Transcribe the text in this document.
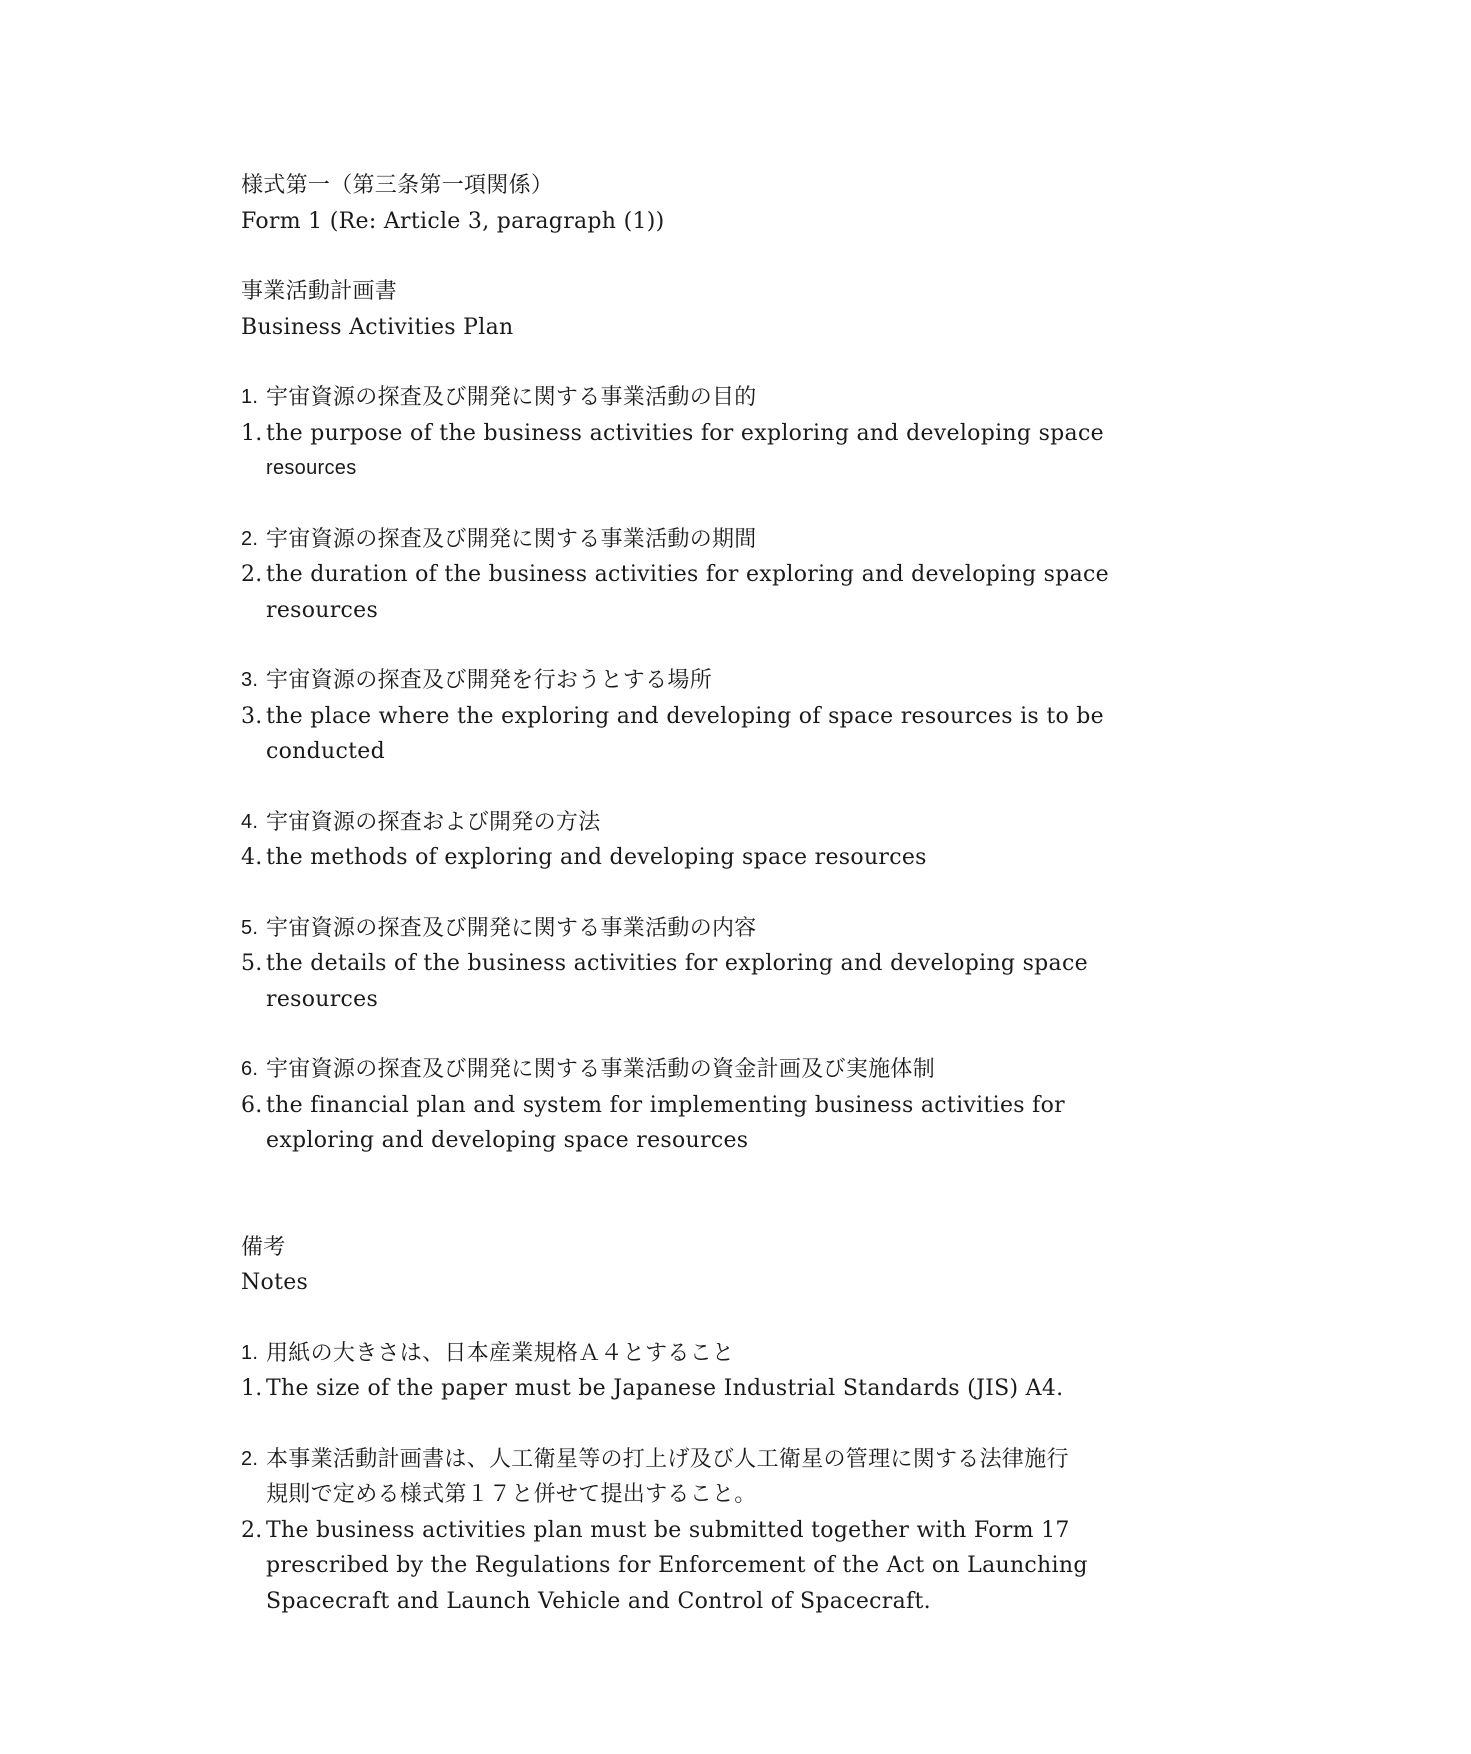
様式第一（第三条第一項関係）
Form 1 (Re: Article 3, paragraph (1))
事業活動計画書
Business Activities Plan
1. 宇宙資源の探査及び開発に関する事業活動の目的
1. the purpose of the business activities for exploring and developing space
resources
2. 宇宙資源の探査及び開発に関する事業活動の期間
2. the duration of the business activities for exploring and developing space
resources
3. 宇宙資源の探査及び開発を行おうとする場所
3. the place where the exploring and developing of space resources is to be
conducted
4. 宇宙資源の探査および開発の方法
4. the methods of exploring and developing space resources
5. 宇宙資源の探査及び開発に関する事業活動の内容
5. the details of the business activities for exploring and developing space
resources
6. 宇宙資源の探査及び開発に関する事業活動の資金計画及び実施体制
6. the financial plan and system for implementing business activities for
exploring and developing space resources
備考
Notes
1. 用紙の大きさは、日本産業規格Ａ４とすること
1. The size of the paper must be Japanese Industrial Standards (JIS) A4.
2. 本事業活動計画書は、人工衛星等の打上げ及び人工衛星の管理に関する法律施行
規則で定める様式第１７と併せて提出すること。
2. The business activities plan must be submitted together with Form 17
prescribed by the Regulations for Enforcement of the Act on Launching
Spacecraft and Launch Vehicle and Control of Spacecraft.
